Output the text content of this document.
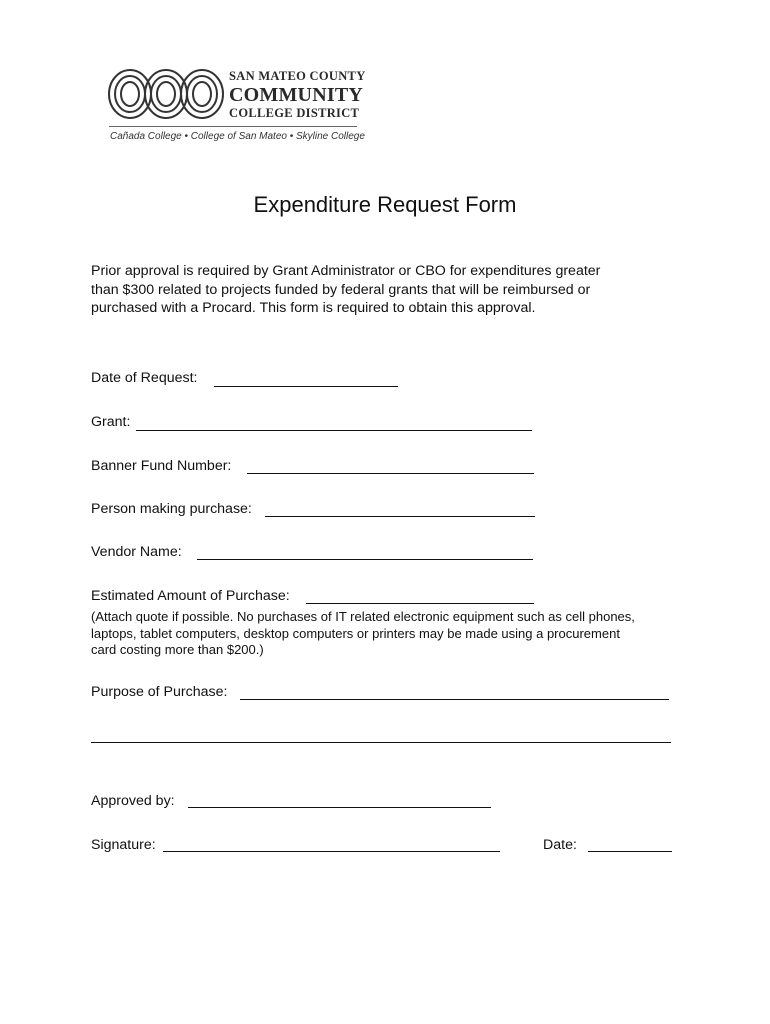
SAN MATEO COUNTY
COMMUNITY
COLLEGE DISTRICT
Cañada College • College of San Mateo • Skyline College
Expenditure Request Form
Prior approval is required by Grant Administrator or CBO for expenditures greater
than $300 related to projects funded by federal grants that will be reimbursed or
purchased with a Procard. This form is required to obtain this approval.
Date of Request:
Grant:
Banner Fund Number:
Person making purchase:
Vendor Name:
Estimated Amount of Purchase:
(Attach quote if possible. No purchases of IT related electronic equipment such as cell phones,
laptops, tablet computers, desktop computers or printers may be made using a procurement
card costing more than $200.)
Purpose of Purchase:
Approved by:
Signature:	Date:
